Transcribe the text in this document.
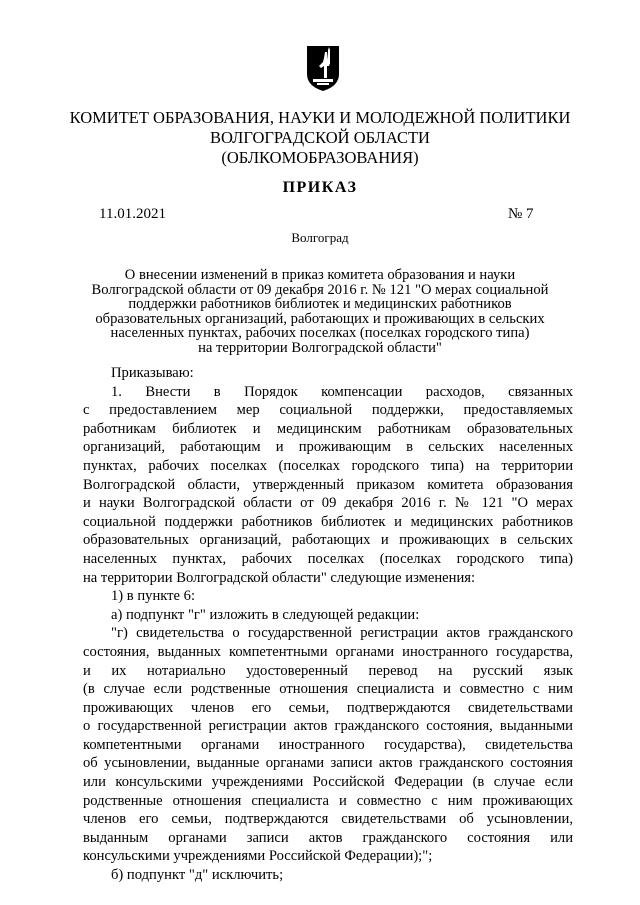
КОМИТЕТ ОБРАЗОВАНИЯ, НАУКИ И МОЛОДЕЖНОЙ ПОЛИТИКИ
ВОЛГОГРАДСКОЙ ОБЛАСТИ
(ОБЛКОМОБРАЗОВАНИЯ)
ПРИКАЗ
11.01.2021	№ 7
Волгоград
О внесении изменений в приказ комитета образования и науки
Волгоградской области от 09 декабря 2016 г. № 121 "О мерах социальной
поддержки работников библиотек и медицинских работников
образовательных организаций, работающих и проживающих в сельских
населенных пунктах, рабочих поселках (поселках городского типа)
на территории Волгоградской области"

Приказываю:

1. Внести в Порядок компенсации расходов, связанных

с предоставлением мер социальной поддержки, предоставляемых

работникам библиотек и медицинским работникам образовательных

организаций, работающим и проживающим в сельских населенных

пунктах, рабочих поселках (поселках городского типа) на территории

Волгоградской области, утвержденный приказом комитета образования

и науки Волгоградской области от 09 декабря 2016 г. № 121 "О мерах

социальной поддержки работников библиотек и медицинских работников

образовательных организаций, работающих и проживающих в сельских

населенных пунктах, рабочих поселках (поселках городского типа)

на территории Волгоградской области" следующие изменения:

1) в пункте 6:

а) подпункт "г" изложить в следующей редакции:

"г) свидетельства о государственной регистрации актов гражданского

состояния, выданных компетентными органами иностранного государства,

и их нотариально удостоверенный перевод на русский язык

(в случае если родственные отношения специалиста и совместно с ним

проживающих членов его семьи, подтверждаются свидетельствами

о государственной регистрации актов гражданского состояния, выданными

компетентными органами иностранного государства), свидетельства

об усыновлении, выданные органами записи актов гражданского состояния

или консульскими учреждениями Российской Федерации (в случае если

родственные отношения специалиста и совместно с ним проживающих

членов его семьи, подтверждаются свидетельствами об усыновлении,

выданным органами записи актов гражданского состояния или

консульскими учреждениями Российской Федерации);";

б) подпункт "д" исключить;
